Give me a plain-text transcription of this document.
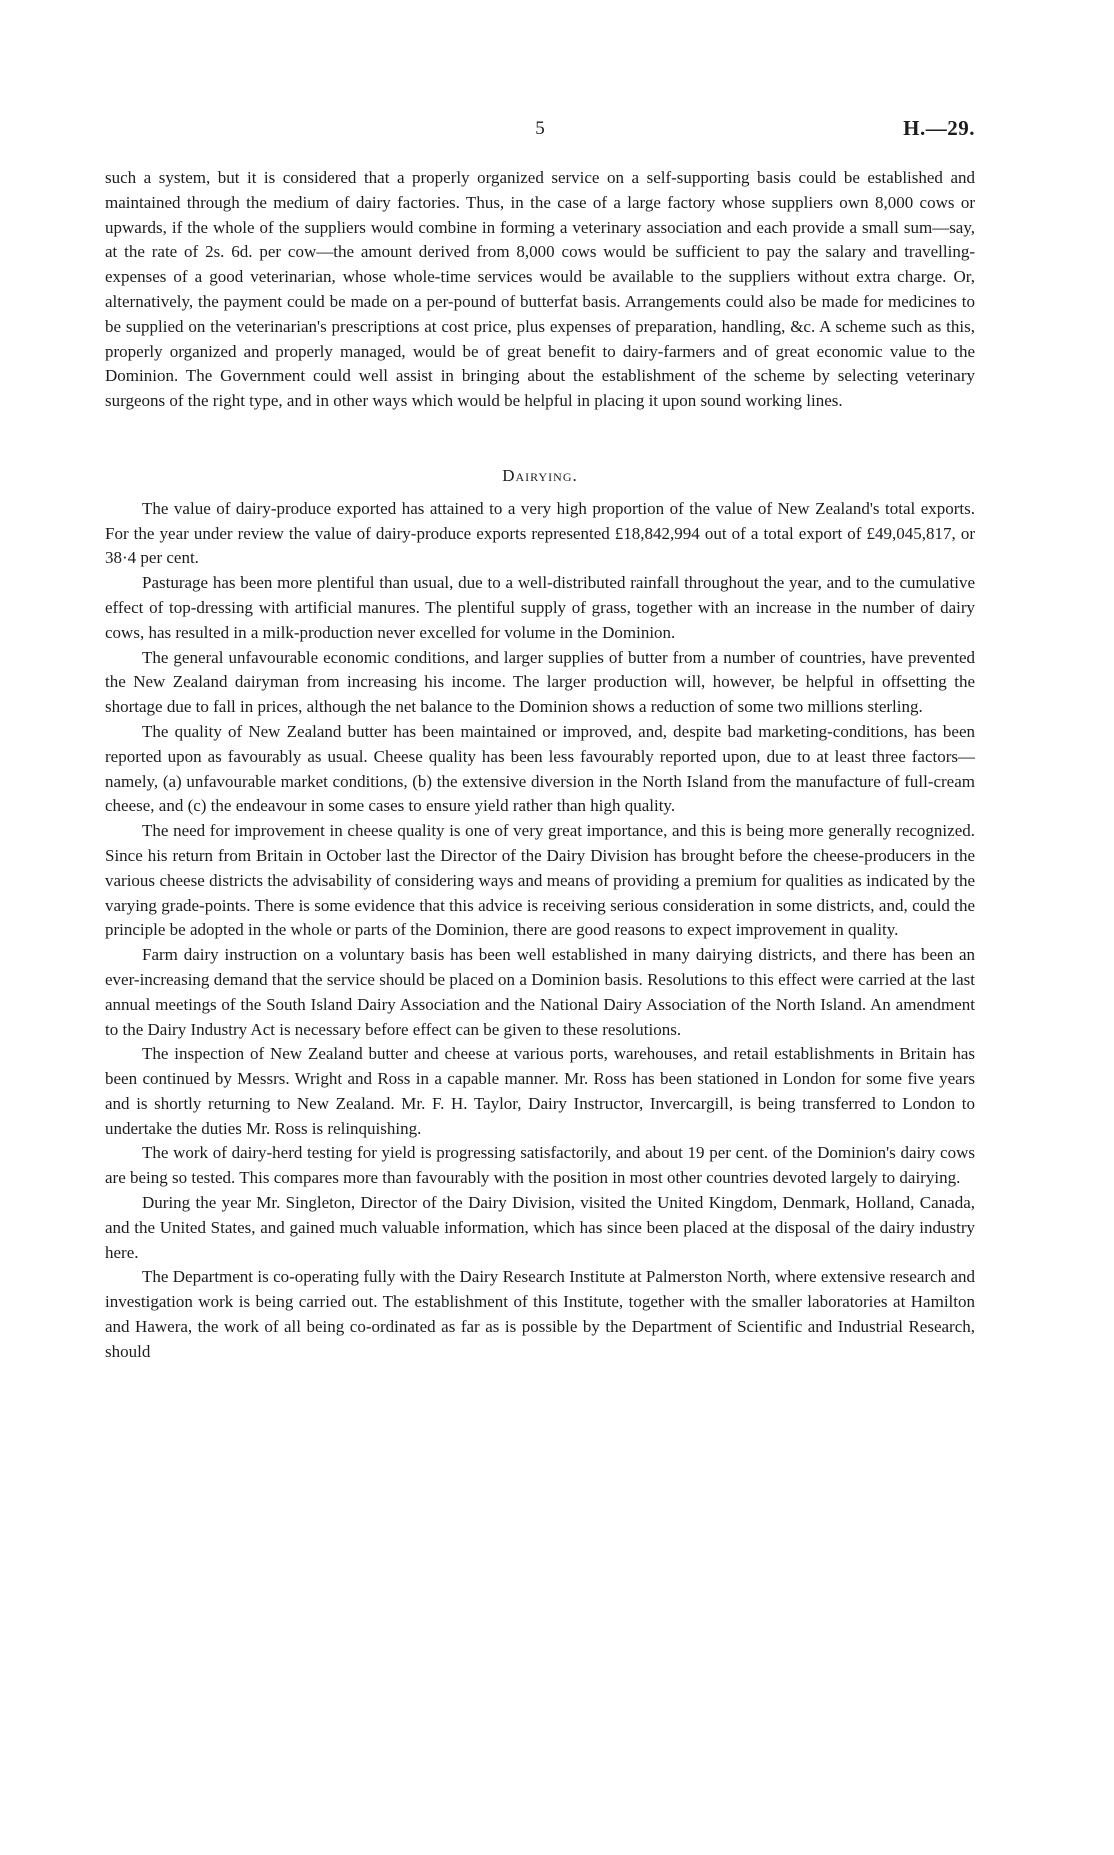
5	H.—29.

such a system, but it is considered that a properly organized service on a self-supporting basis could be established and maintained through the medium of dairy factories. Thus, in the case of a large factory whose suppliers own 8,000 cows or upwards, if the whole of the suppliers would combine in forming a veterinary association and each provide a small sum—say, at the rate of 2s. 6d. per cow—the amount derived from 8,000 cows would be sufficient to pay the salary and travelling-expenses of a good veterinarian, whose whole-time services would be available to the suppliers without extra charge. Or, alternatively, the payment could be made on a per-pound of butterfat basis. Arrangements could also be made for medicines to be supplied on the veterinarian's prescriptions at cost price, plus expenses of preparation, handling, &c. A scheme such as this, properly organized and properly managed, would be of great benefit to dairy-farmers and of great economic value to the Dominion. The Government could well assist in bringing about the establishment of the scheme by selecting veterinary surgeons of the right type, and in other ways which would be helpful in placing it upon sound working lines.

Dairying.

The value of dairy-produce exported has attained to a very high proportion of the value of New Zealand's total exports. For the year under review the value of dairy-produce exports represented £18,842,994 out of a total export of £49,045,817, or 38·4 per cent.

Pasturage has been more plentiful than usual, due to a well-distributed rainfall throughout the year, and to the cumulative effect of top-dressing with artificial manures. The plentiful supply of grass, together with an increase in the number of dairy cows, has resulted in a milk-production never excelled for volume in the Dominion.

The general unfavourable economic conditions, and larger supplies of butter from a number of countries, have prevented the New Zealand dairyman from increasing his income. The larger production will, however, be helpful in offsetting the shortage due to fall in prices, although the net balance to the Dominion shows a reduction of some two millions sterling.

The quality of New Zealand butter has been maintained or improved, and, despite bad marketing-conditions, has been reported upon as favourably as usual. Cheese quality has been less favourably reported upon, due to at least three factors—namely, (a) unfavourable market conditions, (b) the extensive diversion in the North Island from the manufacture of full-cream cheese, and (c) the endeavour in some cases to ensure yield rather than high quality.

The need for improvement in cheese quality is one of very great importance, and this is being more generally recognized. Since his return from Britain in October last the Director of the Dairy Division has brought before the cheese-producers in the various cheese districts the advisability of considering ways and means of providing a premium for qualities as indicated by the varying grade-points. There is some evidence that this advice is receiving serious consideration in some districts, and, could the principle be adopted in the whole or parts of the Dominion, there are good reasons to expect improvement in quality.

Farm dairy instruction on a voluntary basis has been well established in many dairying districts, and there has been an ever-increasing demand that the service should be placed on a Dominion basis. Resolutions to this effect were carried at the last annual meetings of the South Island Dairy Association and the National Dairy Association of the North Island. An amendment to the Dairy Industry Act is necessary before effect can be given to these resolutions.

The inspection of New Zealand butter and cheese at various ports, warehouses, and retail establishments in Britain has been continued by Messrs. Wright and Ross in a capable manner. Mr. Ross has been stationed in London for some five years and is shortly returning to New Zealand. Mr. F. H. Taylor, Dairy Instructor, Invercargill, is being transferred to London to undertake the duties Mr. Ross is relinquishing.

The work of dairy-herd testing for yield is progressing satisfactorily, and about 19 per cent. of the Dominion's dairy cows are being so tested. This compares more than favourably with the position in most other countries devoted largely to dairying.

During the year Mr. Singleton, Director of the Dairy Division, visited the United Kingdom, Denmark, Holland, Canada, and the United States, and gained much valuable information, which has since been placed at the disposal of the dairy industry here.

The Department is co-operating fully with the Dairy Research Institute at Palmerston North, where extensive research and investigation work is being carried out. The establishment of this Institute, together with the smaller laboratories at Hamilton and Hawera, the work of all being co-ordinated as far as is possible by the Department of Scientific and Industrial Research, should
